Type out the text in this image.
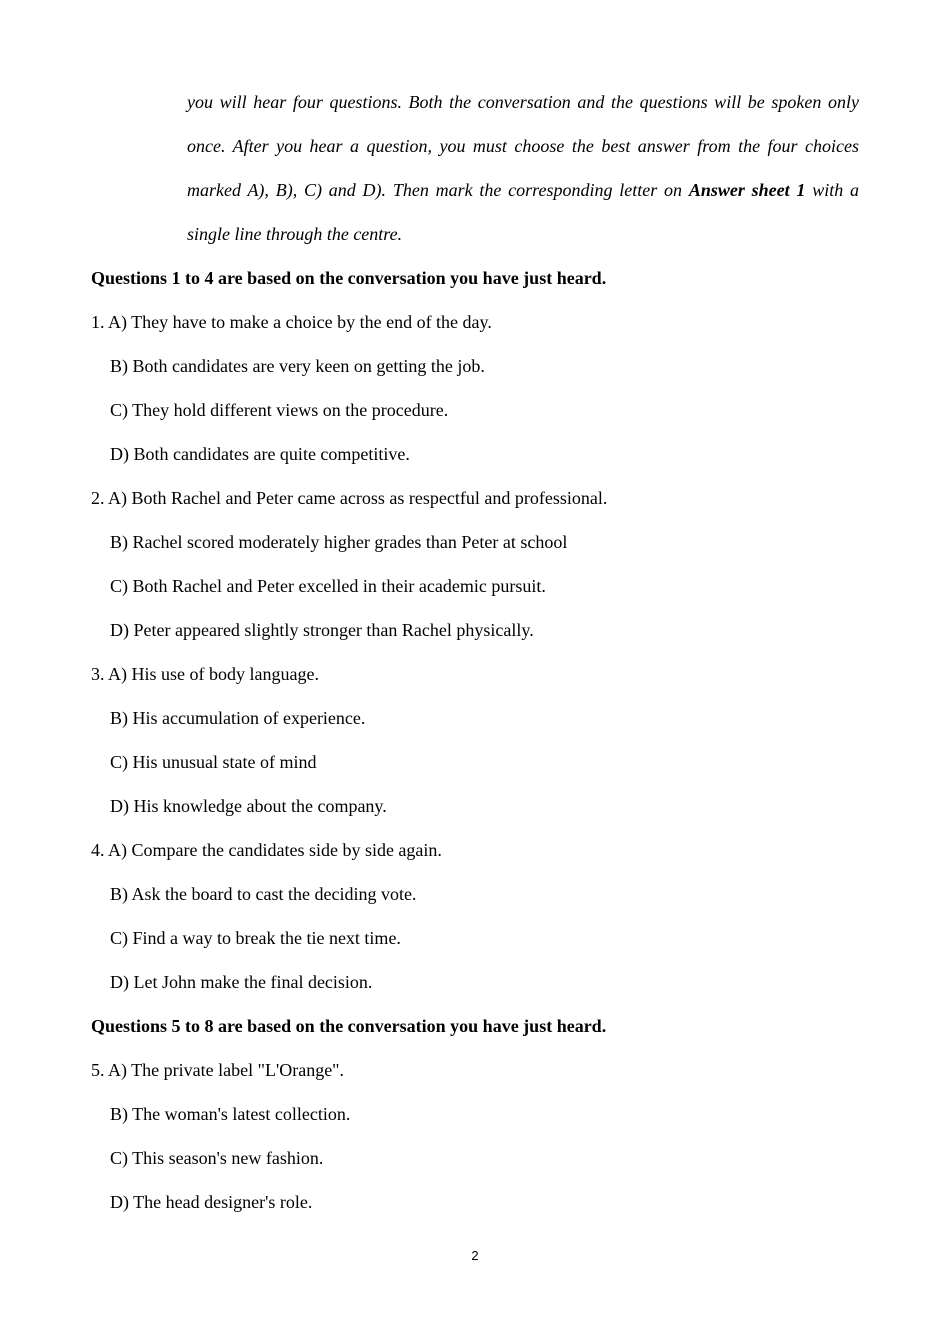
you will hear four questions. Both the conversation and the questions will be spoken only once. After you hear a question, you must choose the best answer from the four choices marked A), B), C) and D). Then mark the corresponding letter on Answer sheet 1 with a single line through the centre.
Questions 1 to 4 are based on the conversation you have just heard.
1. A) They have to make a choice by the end of the day.
B) Both candidates are very keen on getting the job.
C) They hold different views on the procedure.
D) Both candidates are quite competitive.
2. A) Both Rachel and Peter came across as respectful and professional.
B) Rachel scored moderately higher grades than Peter at school
C) Both Rachel and Peter excelled in their academic pursuit.
D) Peter appeared slightly stronger than Rachel physically.
3. A) His use of body language.
B) His accumulation of experience.
C) His unusual state of mind
D) His knowledge about the company.
4. A) Compare the candidates side by side again.
B) Ask the board to cast the deciding vote.
C) Find a way to break the tie next time.
D) Let John make the final decision.
Questions 5 to 8 are based on the conversation you have just heard.
5. A) The private label "L'Orange".
B) The woman's latest collection.
C) This season's new fashion.
D) The head designer's role.
2
